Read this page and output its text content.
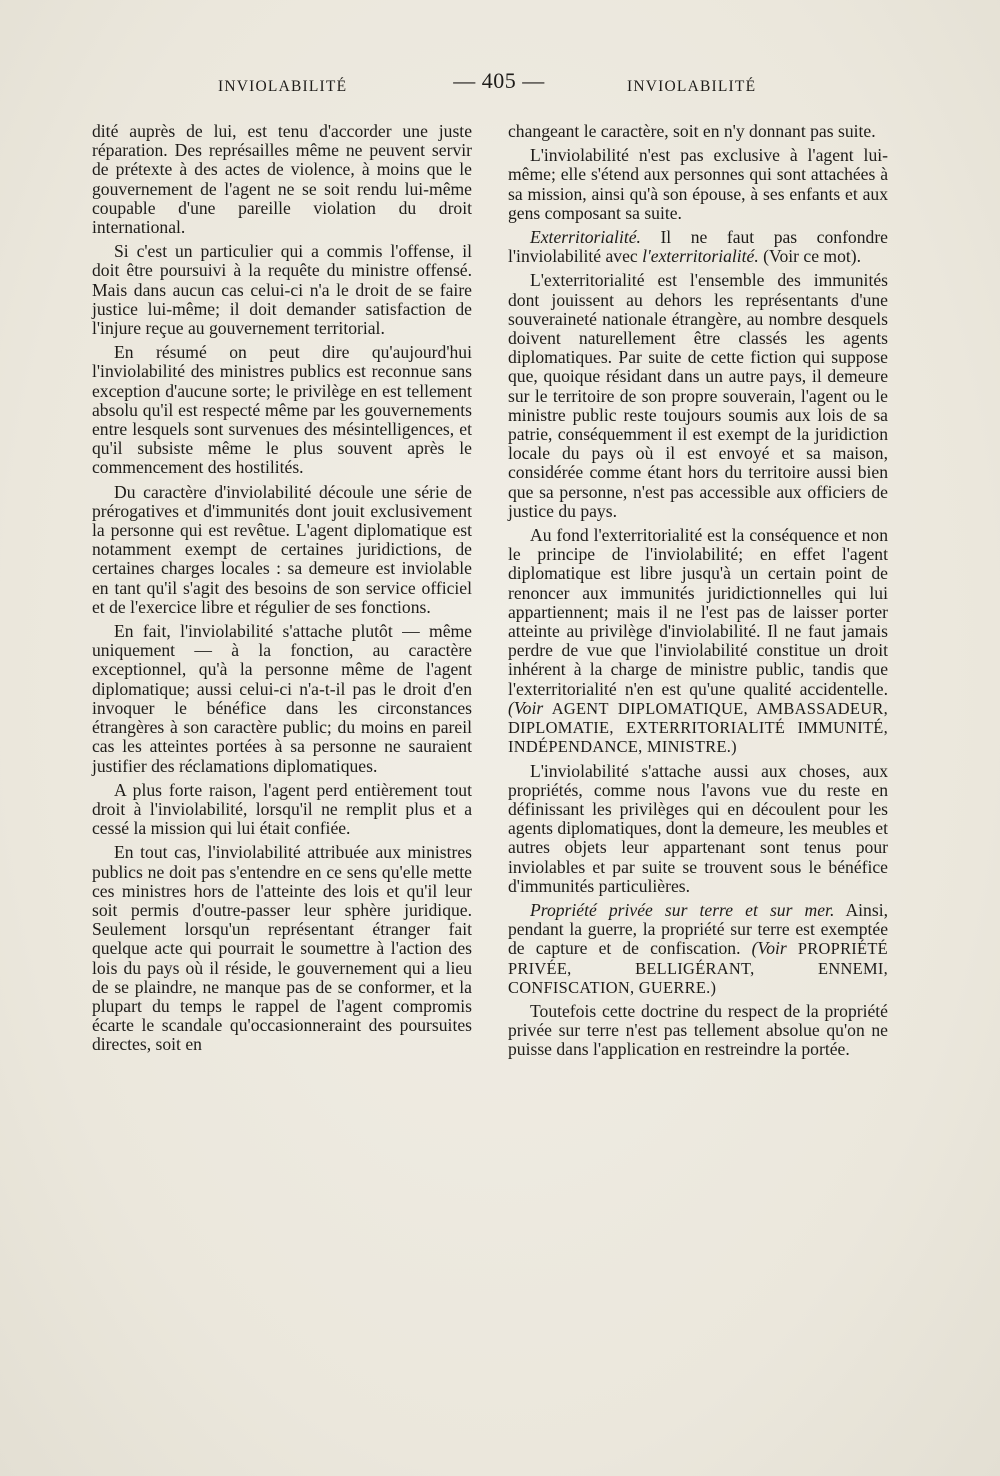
INVIOLABILITÉ	— 405 —	INVIOLABILITÉ

dité auprès de lui, est tenu d'accorder une juste réparation. Des représailles même ne peuvent servir de prétexte à des actes de violence, à moins que le gouvernement de l'agent ne se soit rendu lui-même coupable d'une pareille violation du droit international.

Si c'est un particulier qui a commis l'offense, il doit être poursuivi à la requête du ministre offensé. Mais dans aucun cas celui-ci n'a le droit de se faire justice lui-même; il doit demander satisfaction de l'injure reçue au gouvernement territorial.

En résumé on peut dire qu'aujourd'hui l'inviolabilité des ministres publics est reconnue sans exception d'aucune sorte; le privilège en est tellement absolu qu'il est respecté même par les gouvernements entre lesquels sont survenues des mésintelligences, et qu'il subsiste même le plus souvent après le commencement des hostilités.

Du caractère d'inviolabilité découle une série de prérogatives et d'immunités dont jouit exclusivement la personne qui est revêtue. L'agent diplomatique est notamment exempt de certaines juridictions, de certaines charges locales : sa demeure est inviolable en tant qu'il s'agit des besoins de son service officiel et de l'exercice libre et régulier de ses fonctions.

En fait, l'inviolabilité s'attache plutôt — même uniquement — à la fonction, au caractère exceptionnel, qu'à la personne même de l'agent diplomatique; aussi celui-ci n'a-t-il pas le droit d'en invoquer le bénéfice dans les circonstances étrangères à son caractère public; du moins en pareil cas les atteintes portées à sa personne ne sauraient justifier des réclamations diplomatiques.

A plus forte raison, l'agent perd entièrement tout droit à l'inviolabilité, lorsqu'il ne remplit plus et a cessé la mission qui lui était confiée.

En tout cas, l'inviolabilité attribuée aux ministres publics ne doit pas s'entendre en ce sens qu'elle mette ces ministres hors de l'atteinte des lois et qu'il leur soit permis d'outre-passer leur sphère juridique. Seulement lorsqu'un représentant étranger fait quelque acte qui pourrait le soumettre à l'action des lois du pays où il réside, le gouvernement qui a lieu de se plaindre, ne manque pas de se conformer, et la plupart du temps le rappel de l'agent compromis écarte le scandale qu'occasionneraint des poursuites directes, soit en

changeant le caractère, soit en n'y donnant pas suite.

L'inviolabilité n'est pas exclusive à l'agent lui-même; elle s'étend aux personnes qui sont attachées à sa mission, ainsi qu'à son épouse, à ses enfants et aux gens composant sa suite.

Exterritorialité. Il ne faut pas confondre l'inviolabilité avec l'exterritorialité. (Voir ce mot).

L'exterritorialité est l'ensemble des immunités dont jouissent au dehors les représentants d'une souveraineté nationale étrangère, au nombre desquels doivent naturellement être classés les agents diplomatiques. Par suite de cette fiction qui suppose que, quoique résidant dans un autre pays, il demeure sur le territoire de son propre souverain, l'agent ou le ministre public reste toujours soumis aux lois de sa patrie, conséquemment il est exempt de la juridiction locale du pays où il est envoyé et sa maison, considérée comme étant hors du territoire aussi bien que sa personne, n'est pas accessible aux officiers de justice du pays.

Au fond l'exterritorialité est la conséquence et non le principe de l'inviolabilité; en effet l'agent diplomatique est libre jusqu'à un certain point de renoncer aux immunités juridictionnelles qui lui appartiennent; mais il ne l'est pas de laisser porter atteinte au privilège d'inviolabilité. Il ne faut jamais perdre de vue que l'inviolabilité constitue un droit inhérent à la charge de ministre public, tandis que l'exterritorialité n'en est qu'une qualité accidentelle. (Voir AGENT DIPLOMATIQUE, AMBASSADEUR, DIPLOMATIE, EXTERRITORIALITÉ IMMUNITÉ, INDÉPENDANCE, MINISTRE.)

L'inviolabilité s'attache aussi aux choses, aux propriétés, comme nous l'avons vue du reste en définissant les privilèges qui en découlent pour les agents diplomatiques, dont la demeure, les meubles et autres objets leur appartenant sont tenus pour inviolables et par suite se trouvent sous le bénéfice d'immunités particulières.

Propriété privée sur terre et sur mer. Ainsi, pendant la guerre, la propriété sur terre est exemptée de capture et de confiscation. (Voir PROPRIÉTÉ PRIVÉE, BELLIGÉRANT, ENNEMI, CONFISCATION, GUERRE.)

Toutefois cette doctrine du respect de la propriété privée sur terre n'est pas tellement absolue qu'on ne puisse dans l'application en restreindre la portée.
